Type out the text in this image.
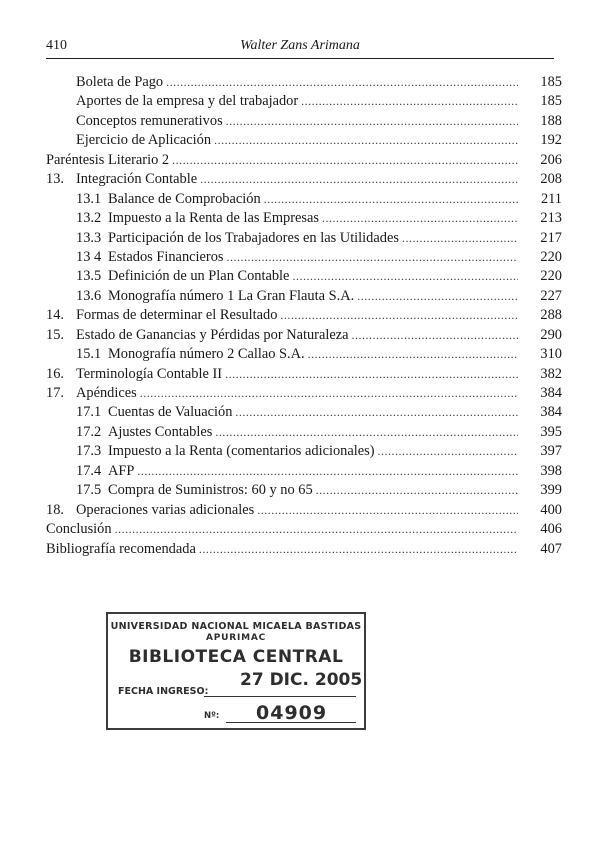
410	Walter Zans Arimana
Boleta de Pago .....	185
Aportes de la empresa y del trabajador .....	185
Conceptos remunerativos .....	188
Ejercicio de Aplicación .....	192
Paréntesis Literario 2 .....	206
13. Integración Contable .....	208
13.1 Balance de Comprobación .....	211
13.2 Impuesto a la Renta de las Empresas .....	213
13.3 Participación de los Trabajadores en las Utilidades .....	217
13 4 Estados Financieros .....	220
13.5 Definición de un Plan Contable .....	220
13.6 Monografía número 1 La Gran Flauta S.A. .....	227
14. Formas de determinar el Resultado .....	288
15. Estado de Ganancias y Pérdidas por Naturaleza .....	290
15.1 Monografía número 2 Callao S.A. .....	310
16. Terminología Contable II .....	382
17. Apéndices .....	384
17.1 Cuentas de Valuación .....	384
17.2 Ajustes Contables .....	395
17.3 Impuesto a la Renta (comentarios adicionales) .....	397
17.4 AFP .....	398
17.5 Compra de Suministros: 60 y no 65 .....	399
18. Operaciones varias adicionales .....	400
Conclusión .....	406
Bibliografía recomendada .....	407
UNIVERSIDAD NACIONAL MICAELA BASTIDAS
APURIMAC
BIBLIOTECA CENTRAL
FECHA INGRESO:
27 DIC. 2005
Nº: 04909
